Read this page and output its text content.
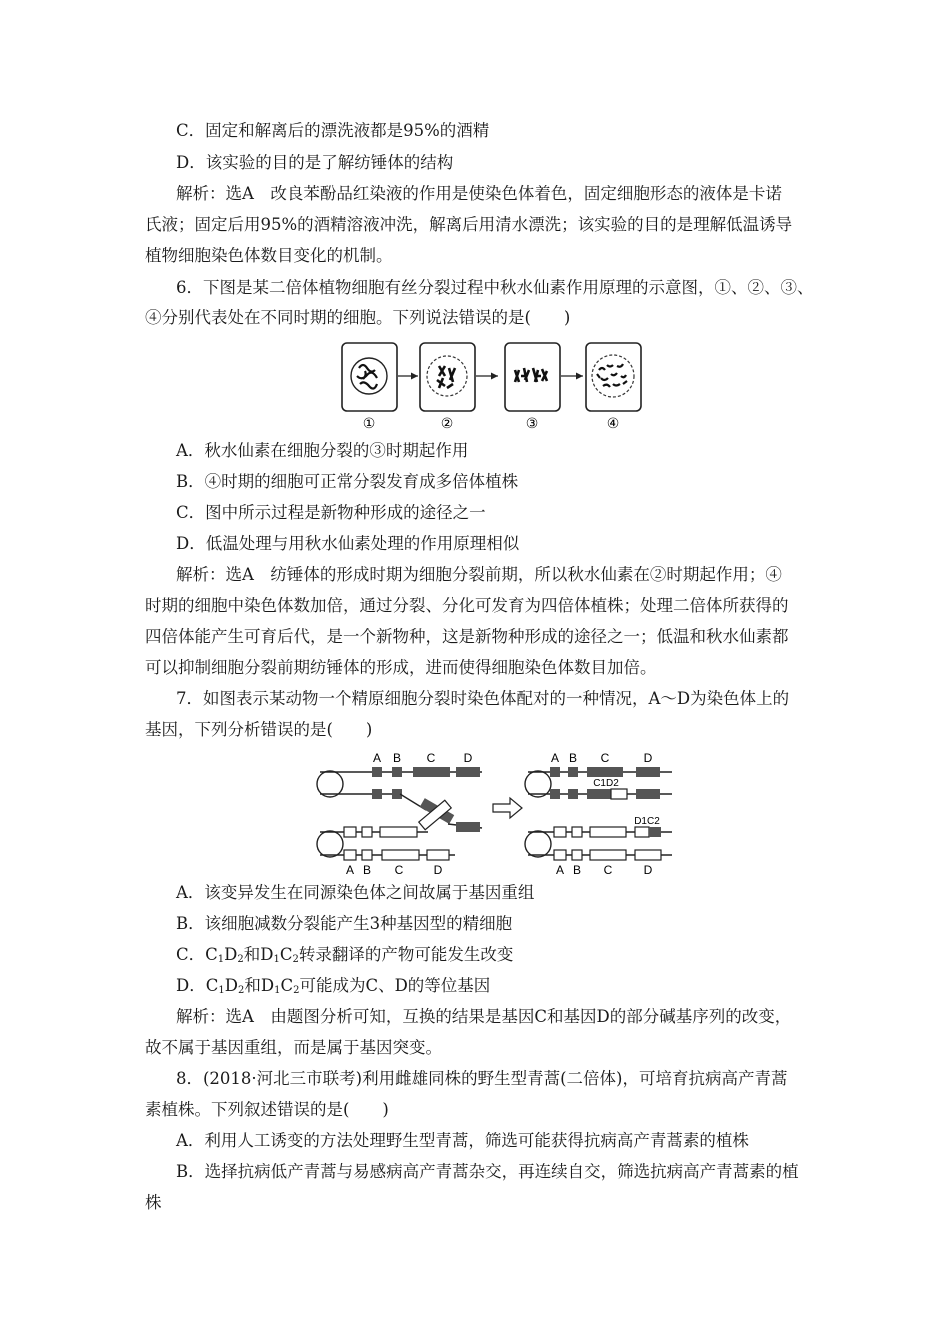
C．固定和解离后的漂洗液都是95%的酒精
D．该实验的目的是了解纺锤体的结构
解析：选A　改良苯酚品红染液的作用是使染色体着色，固定细胞形态的液体是卡诺
氏液；固定后用95%的酒精溶液冲洗，解离后用清水漂洗；该实验的目的是理解低温诱导
植物细胞染色体数目变化的机制。
6．下图是某二倍体植物细胞有丝分裂过程中秋水仙素作用原理的示意图，①、②、③、
④分别代表处在不同时期的细胞。下列说法错误的是(　　)
①	②	③	④
A．秋水仙素在细胞分裂的③时期起作用
B．④时期的细胞可正常分裂发育成多倍体植株
C．图中所示过程是新物种形成的途径之一
D．低温处理与用秋水仙素处理的作用原理相似
解析：选A　纺锤体的形成时期为细胞分裂前期，所以秋水仙素在②时期起作用；④
时期的细胞中染色体数加倍，通过分裂、分化可发育为四倍体植株；处理二倍体所获得的
四倍体能产生可育后代，是一个新物种，这是新物种形成的途径之一；低温和秋水仙素都
可以抑制细胞分裂前期纺锤体的形成，进而使得细胞染色体数目加倍。
7．如图表示某动物一个精原细胞分裂时染色体配对的一种情况，A～D为染色体上的
基因，下列分析错误的是(　　)
A B C D
A B C	D
A B C	D
C1D2
D1C2
A B C	D
A．该变异发生在同源染色体之间故属于基因重组
B．该细胞减数分裂能产生3种基因型的精细胞
C．$C_1D_2$和$D_1C_2$转录翻译的产物可能发生改变
D．$C_1D_2$和$D_1C_2$可能成为C、D的等位基因
解析：选A　由题图分析可知，互换的结果是基因C和基因D的部分碱基序列的改变，
故不属于基因重组，而是属于基因突变。
8．(2018·河北三市联考)利用雌雄同株的野生型青蒿(二倍体)，可培育抗病高产青蒿
素植株。下列叙述错误的是(　　)
A．利用人工诱变的方法处理野生型青蒿，筛选可能获得抗病高产青蒿素的植株
B．选择抗病低产青蒿与易感病高产青蒿杂交，再连续自交，筛选抗病高产青蒿素的植
株
